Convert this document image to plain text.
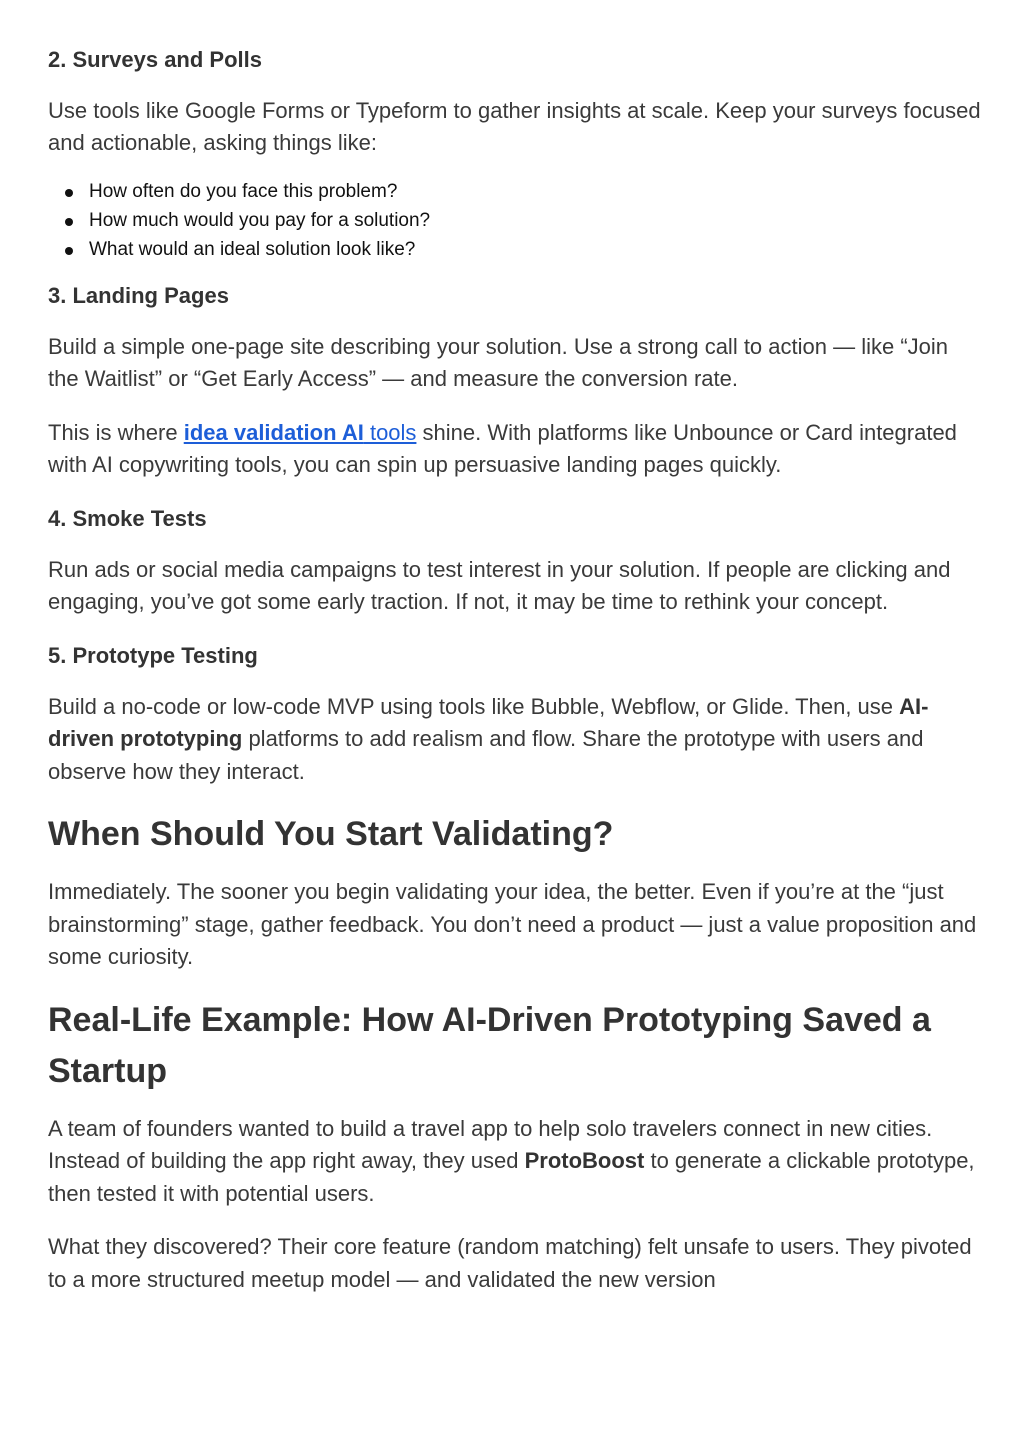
2. Surveys and Polls

Use tools like Google Forms or Typeform to gather insights at scale. Keep your surveys focused and actionable, asking things like:

How often do you face this problem?
How much would you pay for a solution?
What would an ideal solution look like?
3. Landing Pages

Build a simple one-page site describing your solution. Use a strong call to action — like “Join the Waitlist” or “Get Early Access” — and measure the conversion rate.

This is where idea validation AI tools shine. With platforms like Unbounce or Card integrated with AI copywriting tools, you can spin up persuasive landing pages quickly.

4. Smoke Tests

Run ads or social media campaigns to test interest in your solution. If people are clicking and engaging, you’ve got some early traction. If not, it may be time to rethink your concept.

5. Prototype Testing

Build a no-code or low-code MVP using tools like Bubble, Webflow, or Glide. Then, use AI-driven prototyping platforms to add realism and flow. Share the prototype with users and observe how they interact.

When Should You Start Validating?

Immediately. The sooner you begin validating your idea, the better. Even if you’re at the “just brainstorming” stage, gather feedback. You don’t need a product — just a value proposition and some curiosity.

Real-Life Example: How AI-Driven Prototyping Saved a Startup

A team of founders wanted to build a travel app to help solo travelers connect in new cities. Instead of building the app right away, they used ProtoBoost to generate a clickable prototype, then tested it with potential users.

What they discovered? Their core feature (random matching) felt unsafe to users. They pivoted to a more structured meetup model — and validated the new version
